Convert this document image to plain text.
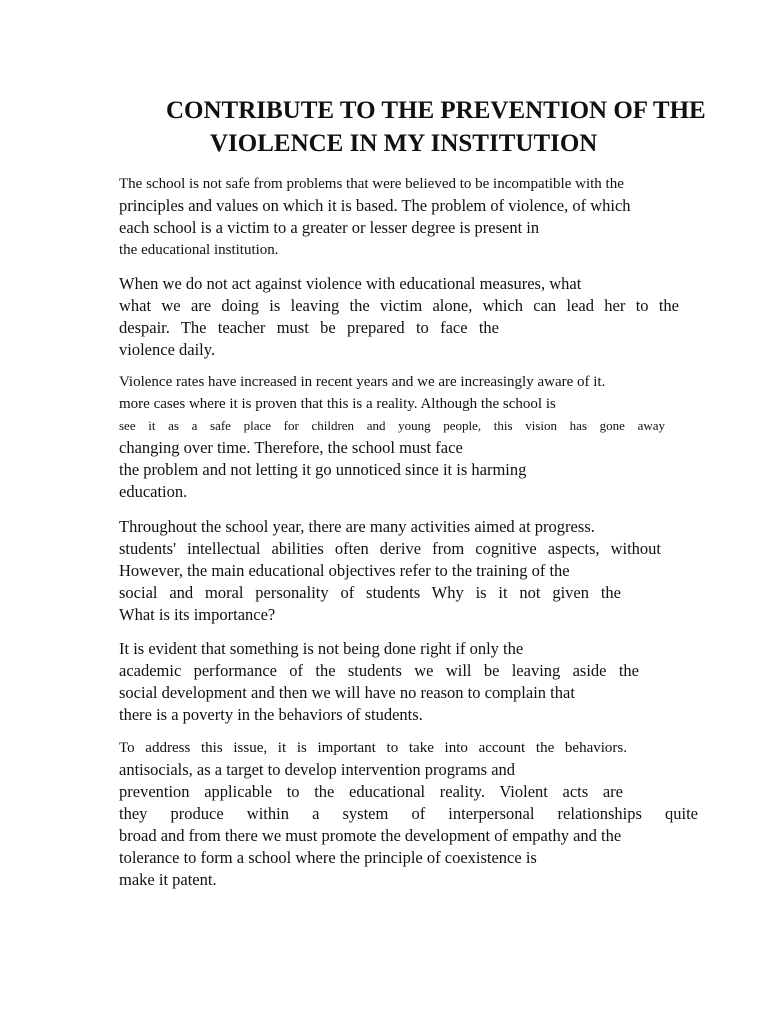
CONTRIBUTE TO THE PREVENTION OF THE
VIOLENCE IN MY INSTITUTION

The school is not safe from problems that were believed to be incompatible with the
principles and values on which it is based. The problem of violence, of which
each school is a victim to a greater or lesser degree is present in
the educational institution.

When we do not act against violence with educational measures, what
what we are doing is leaving the victim alone, which can lead her to the
despair. The teacher must be prepared to face the
violence daily.

Violence rates have increased in recent years and we are increasingly aware of it.
more cases where it is proven that this is a reality. Although the school is
see it as a safe place for children and young people, this vision has gone away
changing over time. Therefore, the school must face
the problem and not letting it go unnoticed since it is harming
education.

Throughout the school year, there are many activities aimed at progress.
students' intellectual abilities often derive from cognitive aspects, without
However, the main educational objectives refer to the training of the
social and moral personality of students Why is it not given the
What is its importance?

It is evident that something is not being done right if only the
academic performance of the students we will be leaving aside the
social development and then we will have no reason to complain that
there is a poverty in the behaviors of students.

To address this issue, it is important to take into account the behaviors.
antisocials, as a target to develop intervention programs and
prevention applicable to the educational reality. Violent acts are
they produce within a system of interpersonal relationships quite
broad and from there we must promote the development of empathy and the
tolerance to form a school where the principle of coexistence is
make it patent.
